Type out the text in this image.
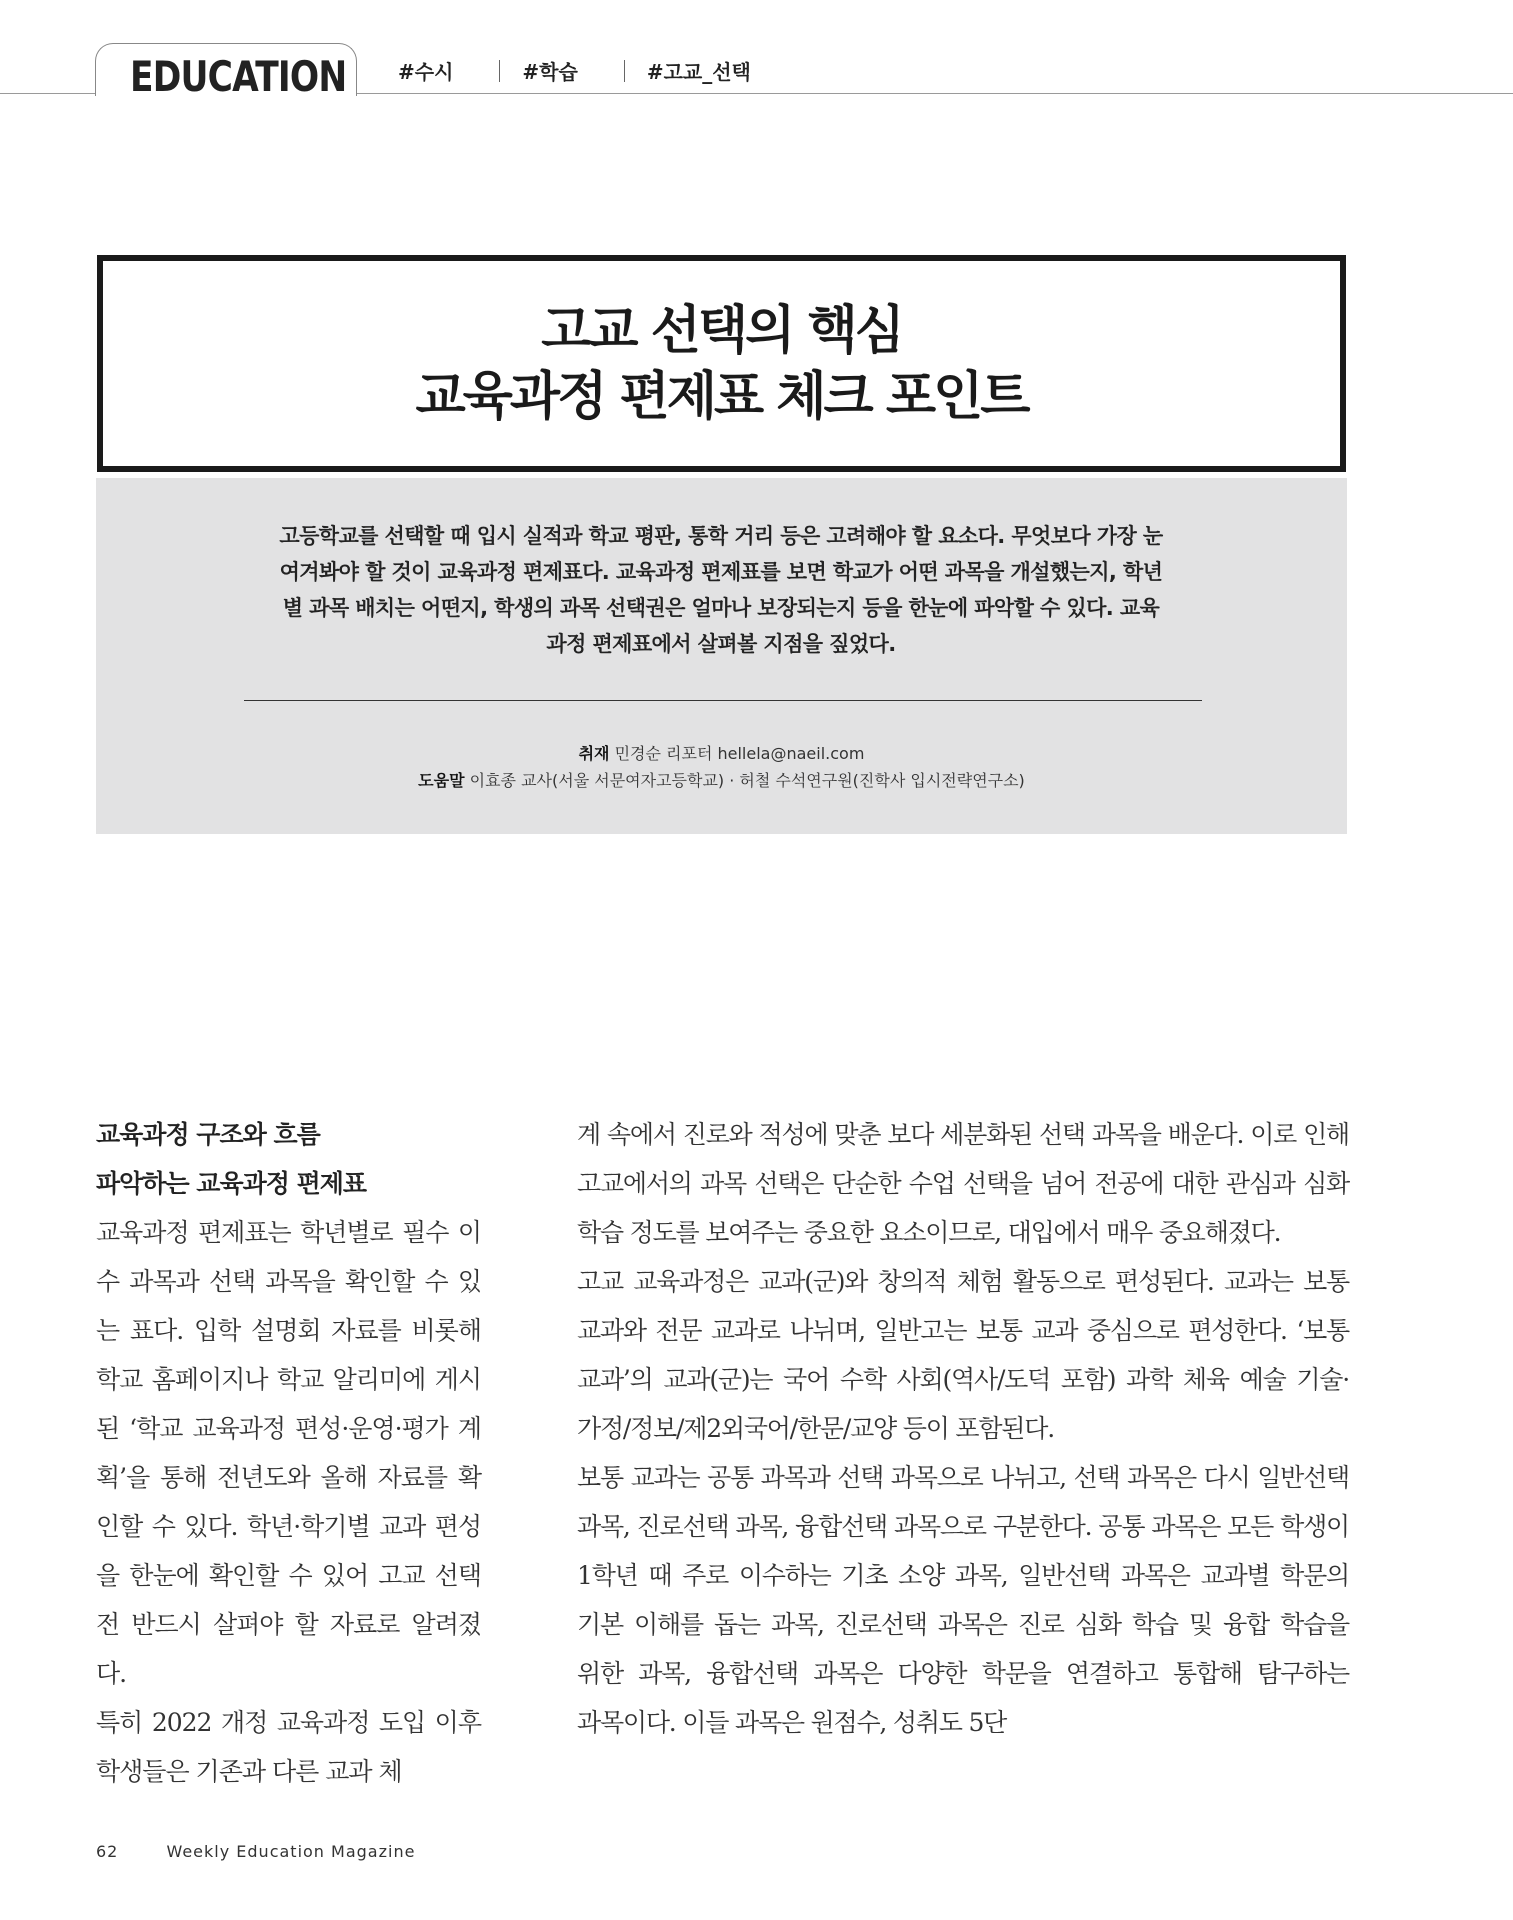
EDUCATION	#수시	#학습	#고교_선택
고교 선택의 핵심
교육과정 편제표 체크 포인트
고등학교를 선택할 때 입시 실적과 학교 평판, 통학 거리 등은 고려해야 할 요소다. 무엇보다 가장 눈여겨봐야 할 것이 교육과정 편제표다. 교육과정 편제표를 보면 학교가 어떤 과목을 개설했는지, 학년별 과목 배치는 어떤지, 학생의 과목 선택권은 얼마나 보장되는지 등을 한눈에 파악할 수 있다. 교육과정 편제표에서 살펴볼 지점을 짚었다.
취재 민경순 리포터 hellela@naeil.com
도움말 이효종 교사(서울 서문여자고등학교) · 허철 수석연구원(진학사 입시전략연구소)
교육과정 구조와 흐름
파악하는 교육과정 편제표

교육과정 편제표는 학년별로 필수 이수 과목과 선택 과목을 확인할 수 있는 표다. 입학 설명회 자료를 비롯해 학교 홈페이지나 학교 알리미에 게시된 ‘학교 교육과정 편성·운영·평가 계획’을 통해 전년도와 올해 자료를 확인할 수 있다. 학년·학기별 교과 편성을 한눈에 확인할 수 있어 고교 선택 전 반드시 살펴야 할 자료로 알려졌다.

특히 2022 개정 교육과정 도입 이후 학생들은 기존과 다른 교과 체

계 속에서 진로와 적성에 맞춘 보다 세분화된 선택 과목을 배운다. 이로 인해 고교에서의 과목 선택은 단순한 수업 선택을 넘어 전공에 대한 관심과 심화 학습 정도를 보여주는 중요한 요소이므로, 대입에서 매우 중요해졌다.

고교 교육과정은 교과(군)와 창의적 체험 활동으로 편성된다. 교과는 보통 교과와 전문 교과로 나뉘며, 일반고는 보통 교과 중심으로 편성한다. ‘보통 교과’의 교과(군)는 국어 수학 사회(역사/도덕 포함) 과학 체육 예술 기술·가정/정보/제2외국어/한문/교양 등이 포함된다.

보통 교과는 공통 과목과 선택 과목으로 나뉘고, 선택 과목은 다시 일반선택 과목, 진로선택 과목, 융합선택 과목으로 구분한다. 공통 과목은 모든 학생이 1학년 때 주로 이수하는 기초 소양 과목, 일반선택 과목은 교과별 학문의 기본 이해를 돕는 과목, 진로선택 과목은 진로 심화 학습 및 융합 학습을 위한 과목, 융합선택 과목은 다양한 학문을 연결하고 통합해 탐구하는 과목이다. 이들 과목은 원점수, 성취도 5단

62	Weekly Education Magazine
